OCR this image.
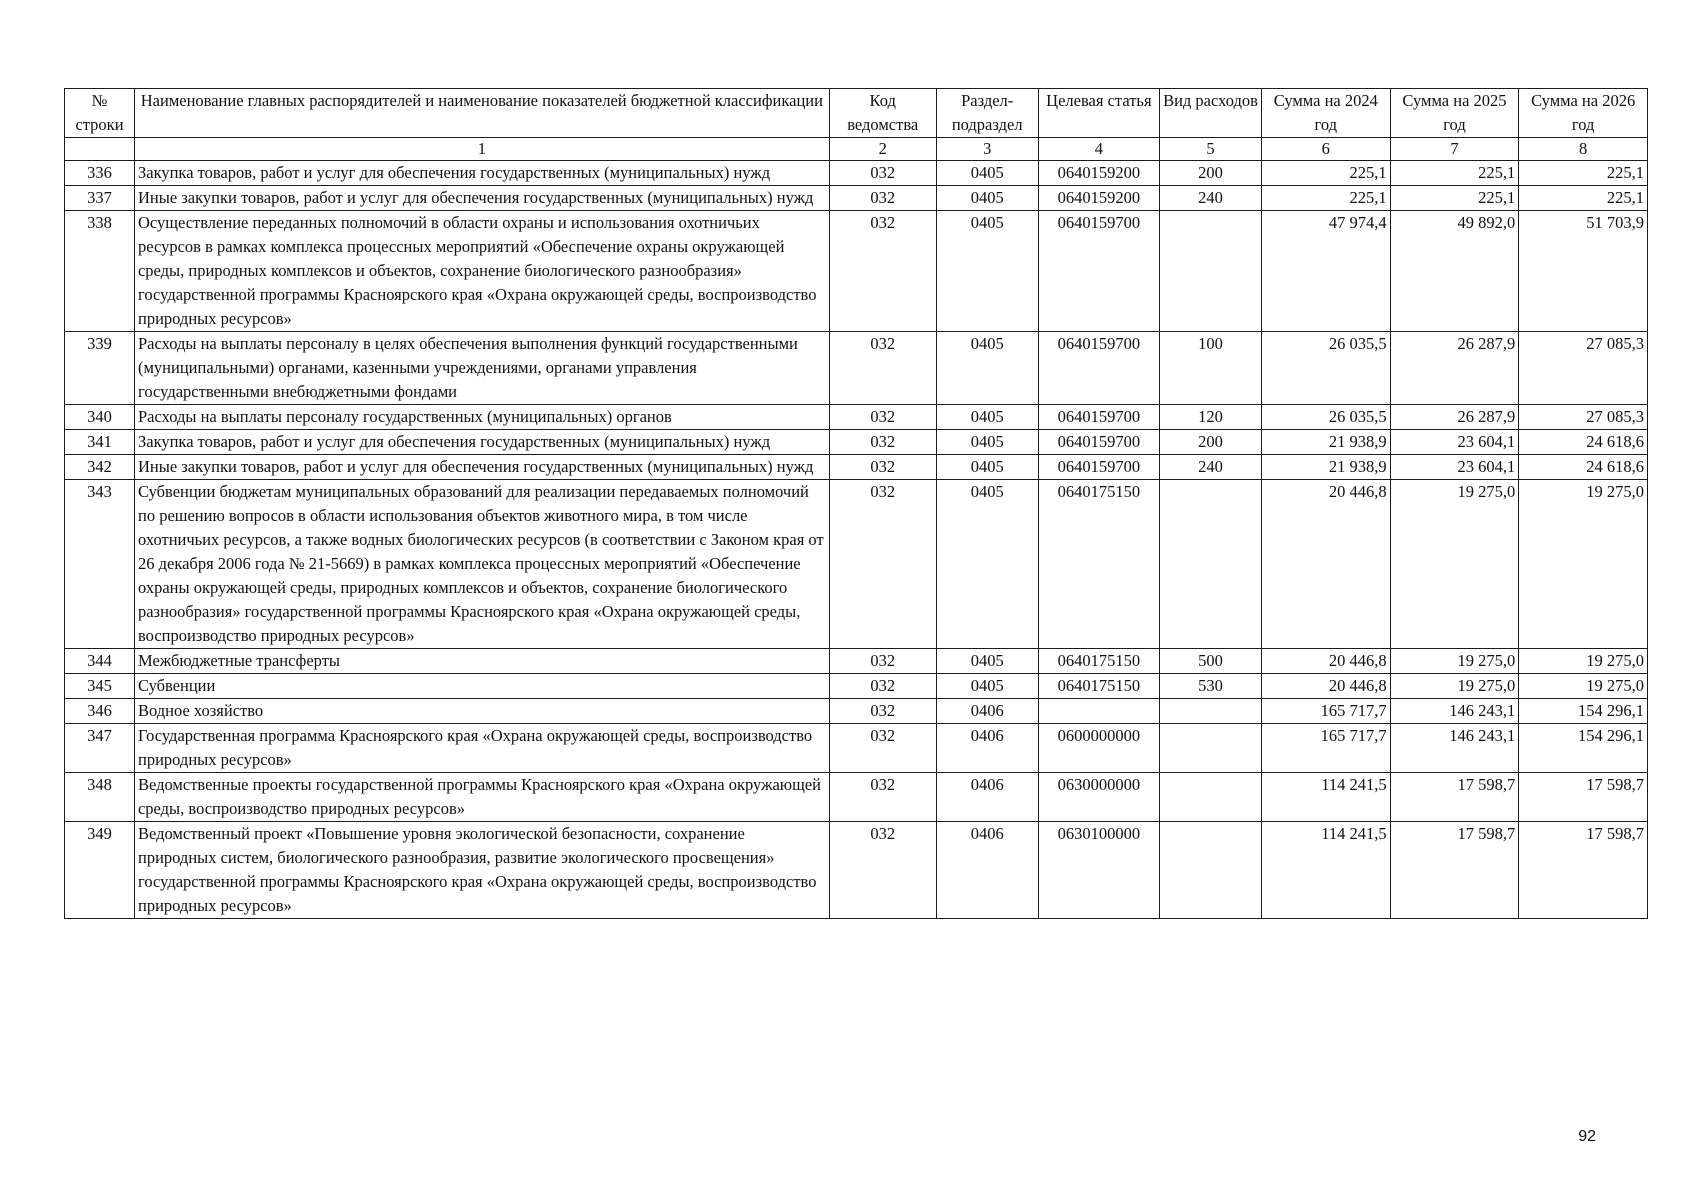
№ строки	Наименование главных распорядителей и наименование показателей бюджетной классификации	Код ведомства	Раздел-подраздел	Целевая статья	Вид расходов	Сумма на 2024 год	Сумма на 2025 год	Сумма на 2026 год
	1	2	3	4	5	6	7	8
336	Закупка товаров, работ и услуг для обеспечения государственных (муниципальных) нужд	032	0405	0640159200	200	225,1	225,1	225,1
337	Иные закупки товаров, работ и услуг для обеспечения государственных (муниципальных) нужд	032	0405	0640159200	240	225,1	225,1	225,1
338	Осуществление переданных полномочий в области охраны и использования охотничьих ресурсов в рамках комплекса процессных мероприятий «Обеспечение охраны окружающей среды, природных комплексов и объектов, сохранение биологического разнообразия» государственной программы Красноярского края «Охрана окружающей среды, воспроизводство природных ресурсов»	032	0405	0640159700		47 974,4	49 892,0	51 703,9
339	Расходы на выплаты персоналу в целях обеспечения выполнения функций государственными (муниципальными) органами, казенными учреждениями, органами управления государственными внебюджетными фондами	032	0405	0640159700	100	26 035,5	26 287,9	27 085,3
340	Расходы на выплаты персоналу государственных (муниципальных) органов	032	0405	0640159700	120	26 035,5	26 287,9	27 085,3
341	Закупка товаров, работ и услуг для обеспечения государственных (муниципальных) нужд	032	0405	0640159700	200	21 938,9	23 604,1	24 618,6
342	Иные закупки товаров, работ и услуг для обеспечения государственных (муниципальных) нужд	032	0405	0640159700	240	21 938,9	23 604,1	24 618,6
343	Субвенции бюджетам муниципальных образований для реализации передаваемых полномочий по решению вопросов в области использования объектов животного мира, в том числе охотничьих ресурсов, а также водных биологических ресурсов (в соответствии с Законом края от 26 декабря 2006 года № 21-5669) в рамках комплекса процессных мероприятий «Обеспечение охраны окружающей среды, природных комплексов и объектов, сохранение биологического разнообразия» государственной программы Красноярского края «Охрана окружающей среды, воспроизводство природных ресурсов»	032	0405	0640175150		20 446,8	19 275,0	19 275,0
344	Межбюджетные трансферты	032	0405	0640175150	500	20 446,8	19 275,0	19 275,0
345	Субвенции	032	0405	0640175150	530	20 446,8	19 275,0	19 275,0
346	Водное хозяйство	032	0406			165 717,7	146 243,1	154 296,1
347	Государственная программа Красноярского края «Охрана окружающей среды, воспроизводство природных ресурсов»	032	0406	0600000000		165 717,7	146 243,1	154 296,1
348	Ведомственные проекты государственной программы Красноярского края «Охрана окружающей среды, воспроизводство природных ресурсов»	032	0406	0630000000		114 241,5	17 598,7	17 598,7
349	Ведомственный проект «Повышение уровня экологической безопасности, сохранение природных систем, биологического разнообразия, развитие экологического просвещения» государственной программы Красноярского края «Охрана окружающей среды, воспроизводство природных ресурсов»	032	0406	0630100000		114 241,5	17 598,7	17 598,7
92
